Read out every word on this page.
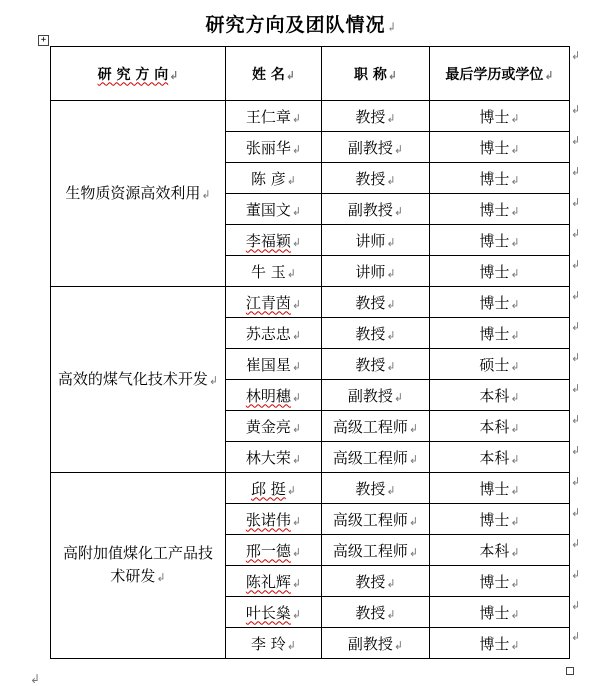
研究方向及团队情况↲
+
研 究 方 向↲	姓 名↲	职 称↲	最后学历或学位↲
生物质资源高效利用↲	王仁章↲	教授↲	博士↲
	张丽华↲	副教授↲	博士↲
	陈 彦↲	教授↲	博士↲
	董国文↲	副教授↲	博士↲
	李福颖↲	讲师↲	博士↲
	牛 玉↲	讲师↲	博士↲
高效的煤气化技术开发↲	江青茵↲	教授↲	博士↲
	苏志忠↲	教授↲	博士↲
	崔国星↲	教授↲	硕士↲
	林明穗↲	副教授↲	本科↲
	黄金亮↲	高级工程师↲	本科↲
	林大荣↲	高级工程师↲	本科↲
高附加值煤化工产品技术研发↲	邱 挺↲	教授↲	博士↲
	张诺伟↲	高级工程师↲	博士↲
	邢一德↲	高级工程师↲	本科↲
	陈礼辉↲	教授↲	博士↲
	叶长燊↲	教授↲	博士↲
	李 玲↲	副教授↲	博士↲
↲
↲
↲
↲
↲
↲
↲
↲
↲
↲
↲
↲
↲
↲
↲
↲
↲
↲
↲
↲
